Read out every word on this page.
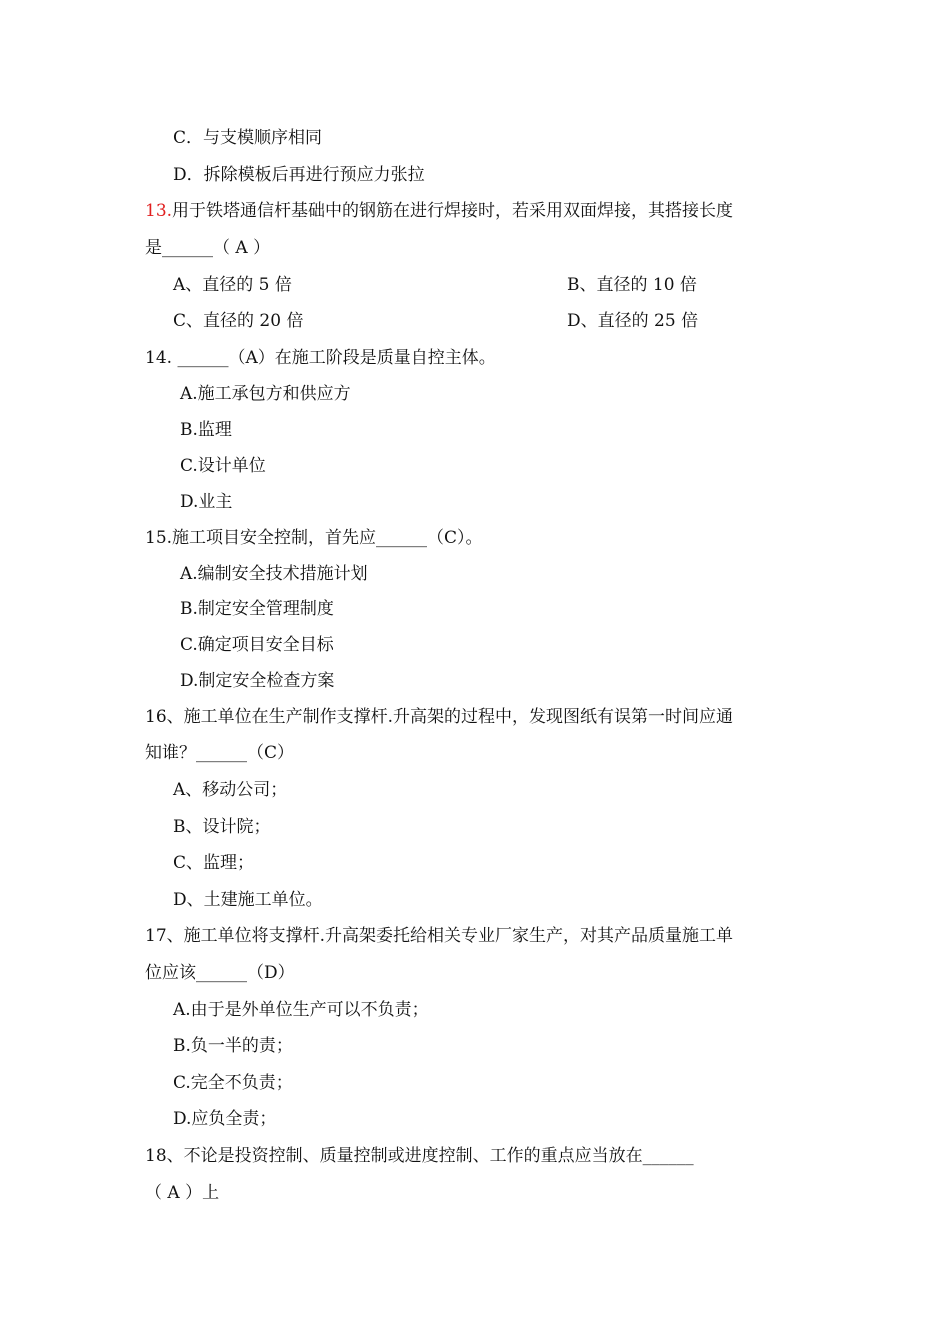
C．与支模顺序相同
D．拆除模板后再进行预应力张拉
13.用于铁塔通信杆基础中的钢筋在进行焊接时，若采用双面焊接，其搭接长度
是______（ A ）
A、直径的 5 倍	B、直径的 10 倍
C、直径的 20 倍	D、直径的 25 倍
14. ______（A）在施工阶段是质量自控主体。
A.施工承包方和供应方
B.监理
C.设计单位
D.业主
15.施工项目安全控制，首先应______（C）。
A.编制安全技术措施计划
B.制定安全管理制度
C.确定项目安全目标
D.制定安全检查方案
16、施工单位在生产制作支撑杆.升高架的过程中，发现图纸有误第一时间应通
知谁？______（C）
A、移动公司；
B、设计院；
C、监理；
D、土建施工单位。
17、施工单位将支撑杆.升高架委托给相关专业厂家生产，对其产品质量施工单
位应该______（D）
A.由于是外单位生产可以不负责；
B.负一半的责；
C.完全不负责；
D.应负全责；
18、不论是投资控制、质量控制或进度控制、工作的重点应当放在______
（ A ）上
